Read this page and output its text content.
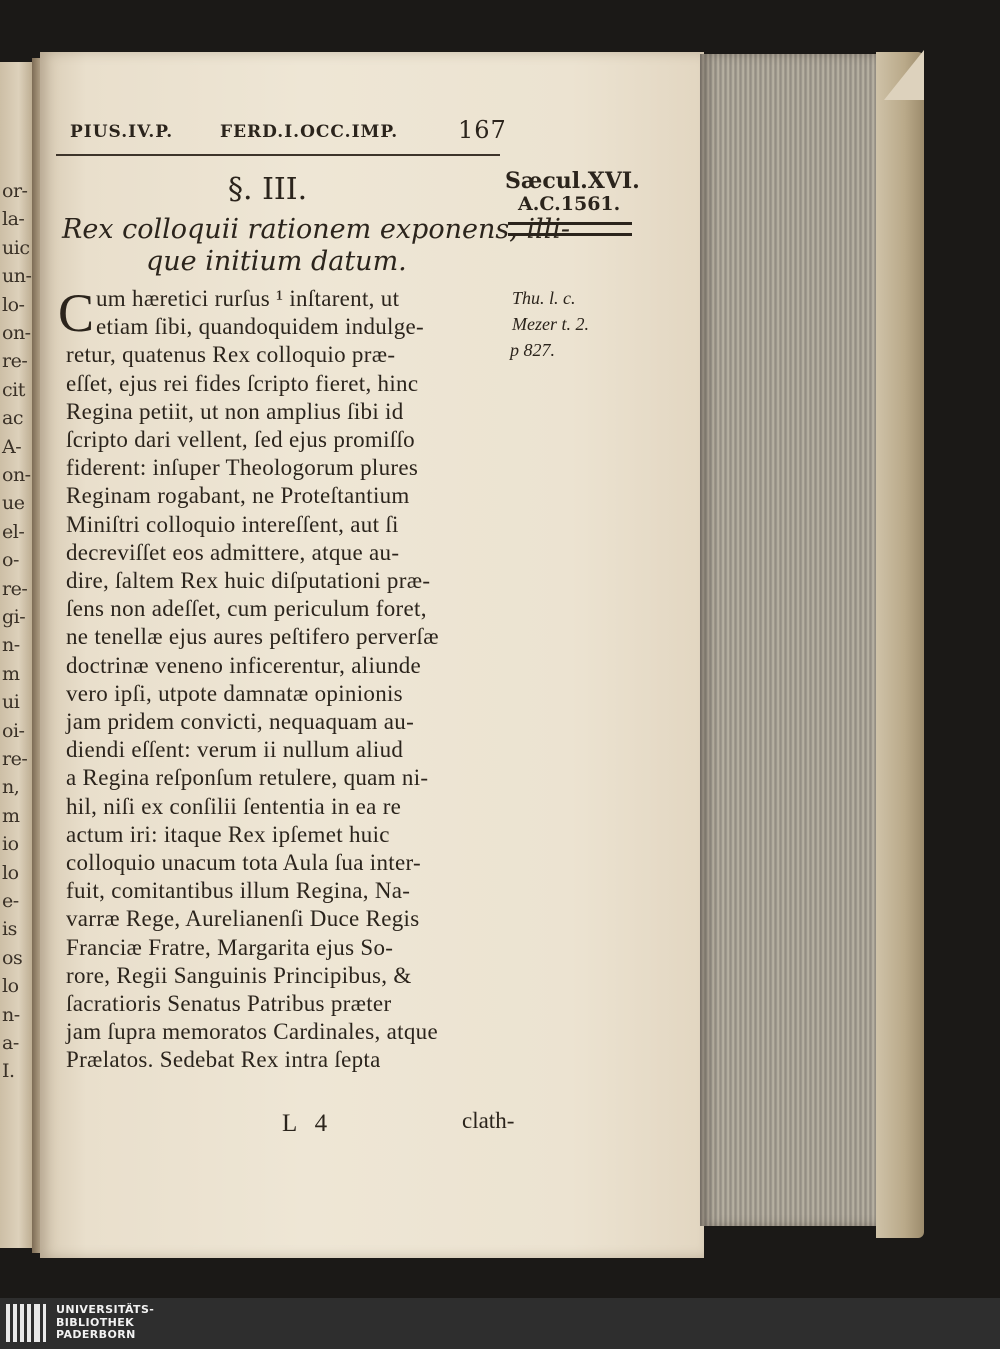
or-
la-
uic
un-
lo-
on-
re-
cit
ac
A-
on-
ue
el-
o-
re-
gi-
n-
m
ui
oi-
re-
n,
m
io
lo
e-
is
os
lo
n-
a-
I.
PIUS.IV.P.	FERD.I.OCC.IMP. 167
§. III.	Sæcul.XVI.
A.C.1561.
Rex colloquii rationem exponens, illi-
que initium datum.
C um hæretici rurſus ¹ inſtarent, ut
etiam ſibi, quandoquidem indulge-
retur, quatenus Rex colloquio præ-
eſſet, ejus rei fides ſcripto fieret, hinc
Regina petiit, ut non amplius ſibi id
ſcripto dari vellent, ſed ejus promiſſo
fiderent: inſuper Theologorum plures
Reginam rogabant, ne Proteſtantium
Miniſtri colloquio intereſſent, aut ſi
decreviſſet eos admittere, atque au-
dire, ſaltem Rex huic diſputationi præ-
ſens non adeſſet, cum periculum foret,
ne tenellæ ejus aures peſtifero perverſæ
doctrinæ veneno inficerentur, aliunde
vero ipſi, utpote damnatæ opinionis
jam pridem convicti, nequaquam au-
diendi eſſent: verum ii nullum aliud
a Regina reſponſum retulere, quam ni-
hil, niſi ex conſilii ſententia in ea re
actum iri: itaque Rex ipſemet huic
colloquio unacum tota Aula ſua inter-
fuit, comitantibus illum Regina, Na-
varræ Rege, Aurelianenſi Duce Regis
Franciæ Fratre, Margarita ejus So-
rore, Regii Sanguinis Principibus, &
ſacratioris Senatus Patribus præter
jam ſupra memoratos Cardinales, atque
Prælatos. Sedebat Rex intra ſepta
Thu. l. c.
Mezer t. 2.
p 827.
L 4	clath-
UNIVERSITÄTS-
BIBLIOTHEK
PADERBORN
